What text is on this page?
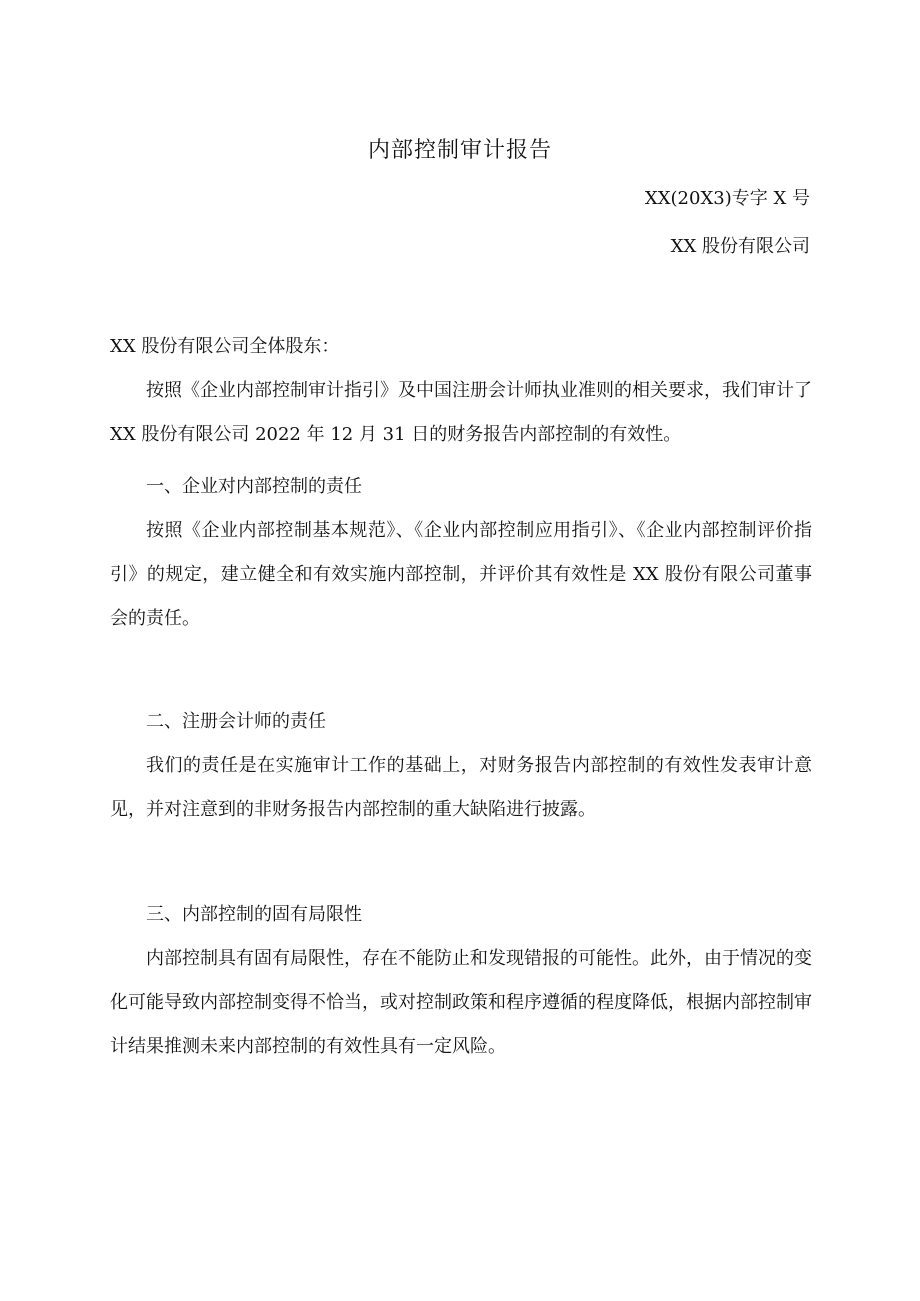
内部控制审计报告
XX(20X3)专字 X 号
XX 股份有限公司
XX 股份有限公司全体股东：
按照《企业内部控制审计指引》及中国注册会计师执业准则的相关要求，我们审计了 XX 股份有限公司 2022 年 12 月 31 日的财务报告内部控制的有效性。
一、企业对内部控制的责任
按照《企业内部控制基本规范》、《企业内部控制应用指引》、《企业内部控制评价指引》的规定，建立健全和有效实施内部控制，并评价其有效性是 XX 股份有限公司董事会的责任。
二、注册会计师的责任
我们的责任是在实施审计工作的基础上，对财务报告内部控制的有效性发表审计意见，并对注意到的非财务报告内部控制的重大缺陷进行披露。
三、内部控制的固有局限性
内部控制具有固有局限性，存在不能防止和发现错报的可能性。此外，由于情况的变化可能导致内部控制变得不恰当，或对控制政策和程序遵循的程度降低，根据内部控制审计结果推测未来内部控制的有效性具有一定风险。
